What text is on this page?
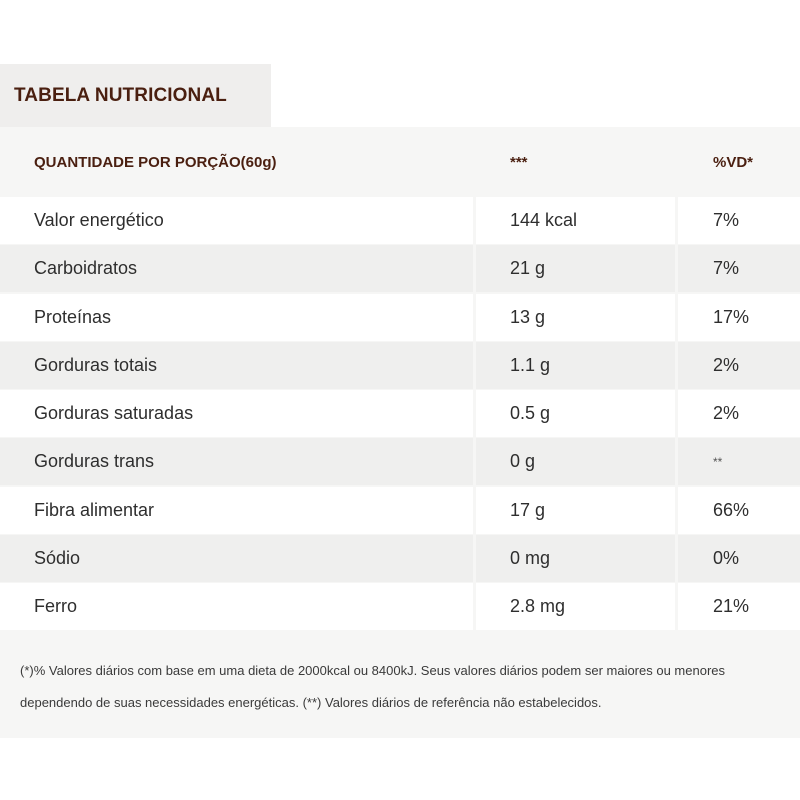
TABELA NUTRICIONAL
QUANTIDADE POR PORÇÃO(60g)	***	%VD*
Valor energético	144 kcal	7%
Carboidratos	21 g	7%
Proteínas	13 g	17%
Gorduras totais	1.1 g	2%
Gorduras saturadas	0.5 g	2%
Gorduras trans	0 g	**
Fibra alimentar	17 g	66%
Sódio	0 mg	0%
Ferro	2.8 mg	21%
(*)% Valores diários com base em uma dieta de 2000kcal ou 8400kJ. Seus valores diários podem ser maiores ou menores dependendo de suas necessidades energéticas. (**) Valores diários de referência não estabelecidos.
